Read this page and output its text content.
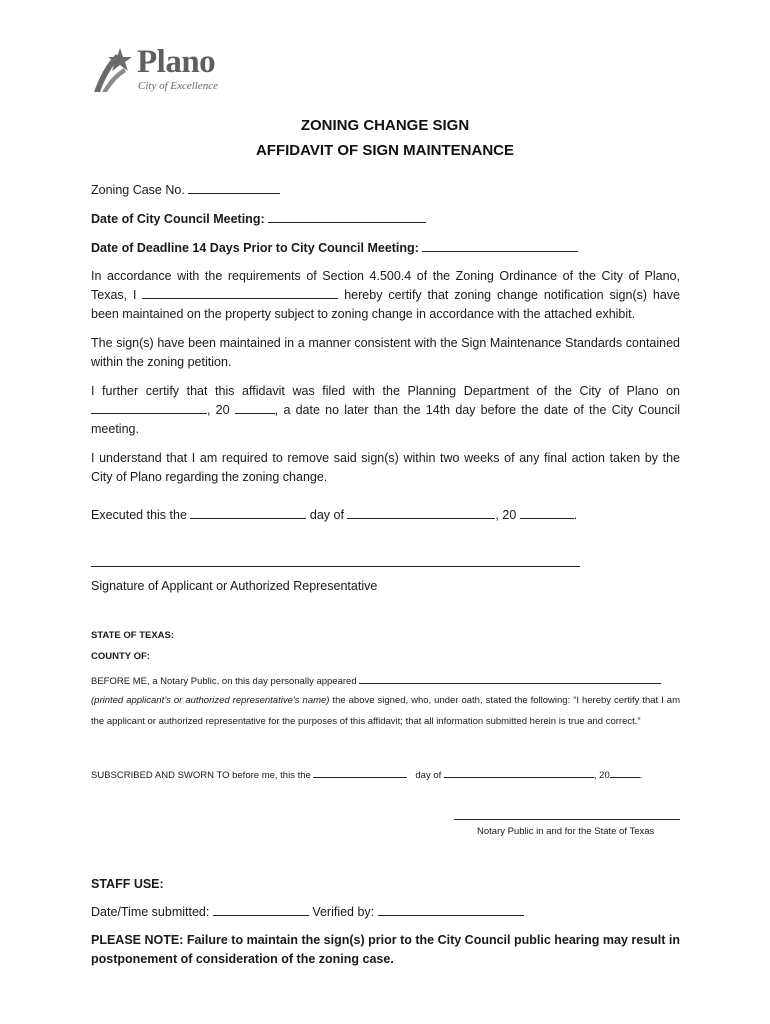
Plano
City of Excellence
ZONING CHANGE SIGN
AFFIDAVIT OF SIGN MAINTENANCE
Zoning Case No.
Date of City Council Meeting:
Date of Deadline 14 Days Prior to City Council Meeting:
In accordance with the requirements of Section 4.500.4 of the Zoning Ordinance of the City of Plano, Texas, I	hereby certify that zoning change notification sign(s) have been maintained on the property subject to zoning change in accordance with the attached exhibit.
The sign(s) have been maintained in a manner consistent with the Sign Maintenance Standards contained within the zoning petition.
I further certify that this affidavit was filed with the Planning Department of the City of Plano on , 20	, a date no later than the 14th day before the date of the City Council meeting.
I understand that I am required to remove said sign(s) within two weeks of any final action taken by the City of Plano regarding the zoning change.
Executed this the	day of	, 20	.
Signature of Applicant or Authorized Representative
STATE OF TEXAS:
COUNTY OF:
BEFORE ME, a Notary Public, on this day personally appeared
(printed applicant’s or authorized representative’s name) the above signed, who, under oath, stated the following: “I hereby certify that I am the applicant or authorized representative for the purposes of this affidavit; that all information submitted herein is true and correct.”
SUBSCRIBED AND SWORN TO before me, this the	day of	, 20	.
Notary Public in and for the State of Texas
STAFF USE:
Date/Time submitted:	Verified by:
PLEASE NOTE: Failure to maintain the sign(s) prior to the City Council public hearing may result in postponement of consideration of the zoning case.
